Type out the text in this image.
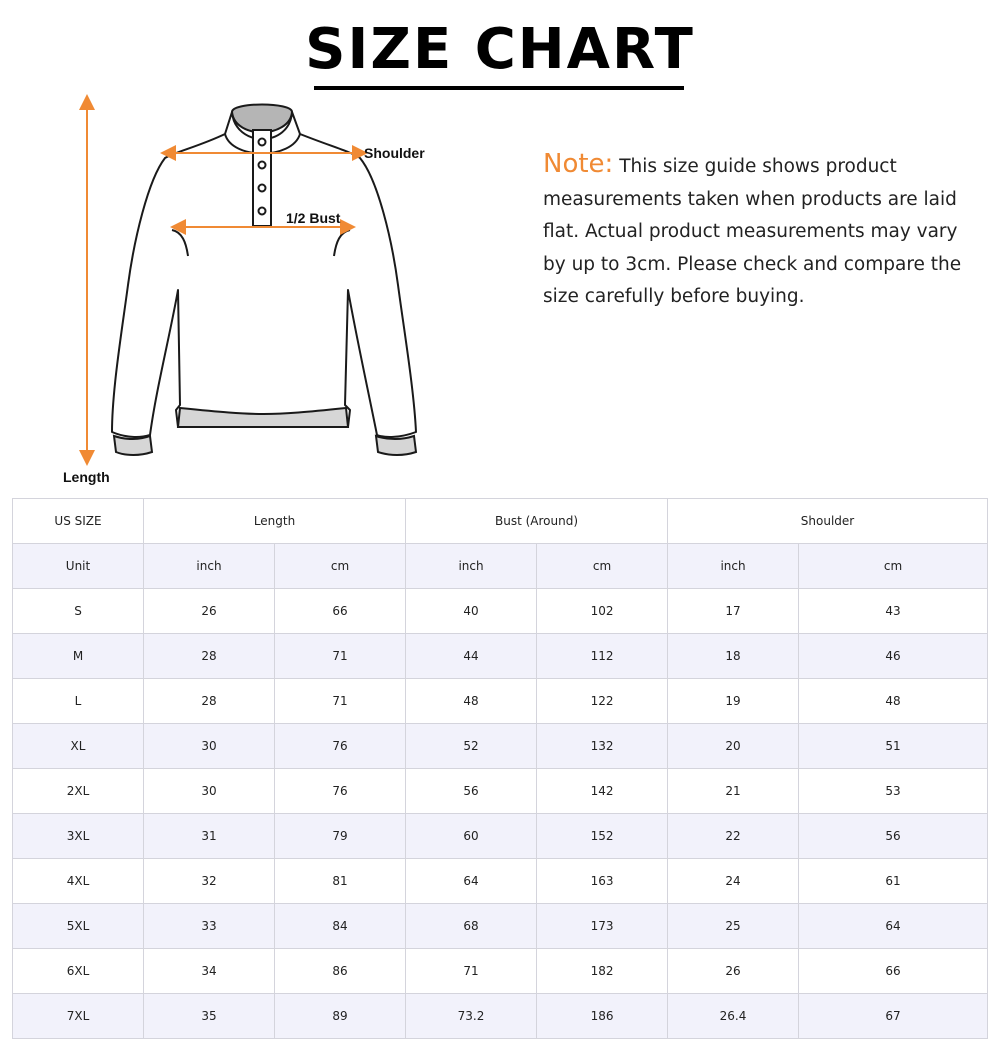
SIZE CHART
Shoulder
1/2 Bust
Length
Note: This size guide shows product measurements taken when products are laid flat. Actual product measurements may vary by up to 3cm. Please check and compare the size carefully before buying.
US SIZE	Length		Bust (Around)		Shoulder	
Unit	inch	cm	inch	cm	inch	cm
S	26	66	40	102	17	43
M	28	71	44	112	18	46
L	28	71	48	122	19	48
XL	30	76	52	132	20	51
2XL	30	76	56	142	21	53
3XL	31	79	60	152	22	56
4XL	32	81	64	163	24	61
5XL	33	84	68	173	25	64
6XL	34	86	71	182	26	66
7XL	35	89	73.2	186	26.4	67
